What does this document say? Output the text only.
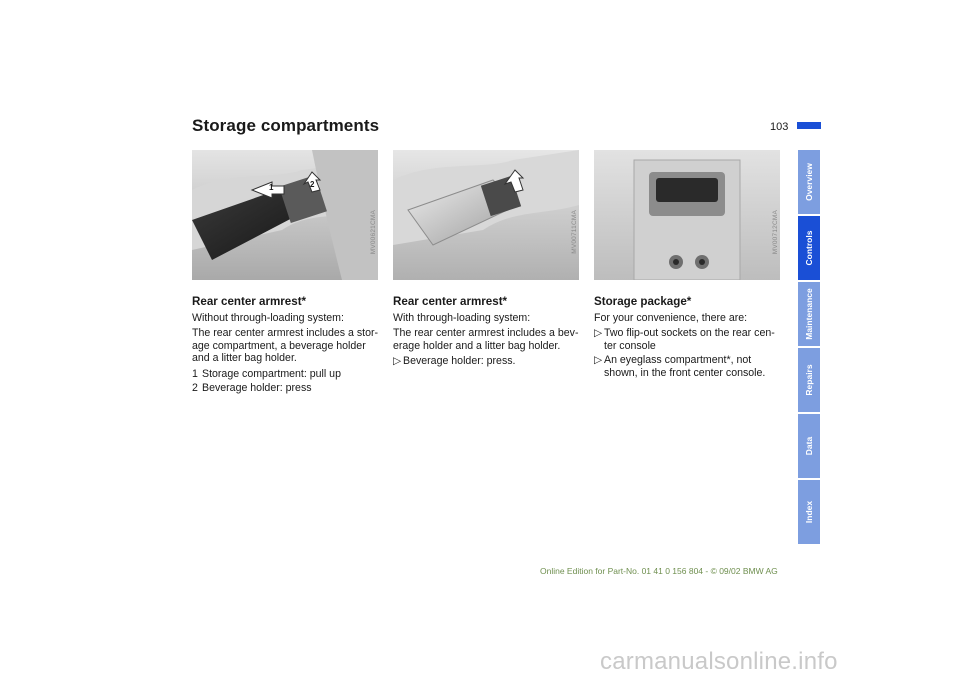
Storage compartments	103
1	2
MV00621CMA	MV00711CMA	MV00712CMA
Rear center armrest*

Without through-loading system:

The rear center armrest includes a stor-age compartment, a beverage holder and a litter bag holder.

1 Storage compartment: pull up
2 Beverage holder: press
Rear center armrest*

With through-loading system:

The rear center armrest includes a bev-erage holder and a litter bag holder.

▷ Beverage holder: press.
Storage package*

For your convenience, there are:

▷ Two flip-out sockets on the rear cen-ter console
▷ An eyeglass compartment*, not shown, in the front center console.
Overview
Controls
Maintenance
Repairs
Data
Index
Online Edition for Part-No. 01 41 0 156 804 - © 09/02 BMW AG
carmanualsonline.info
